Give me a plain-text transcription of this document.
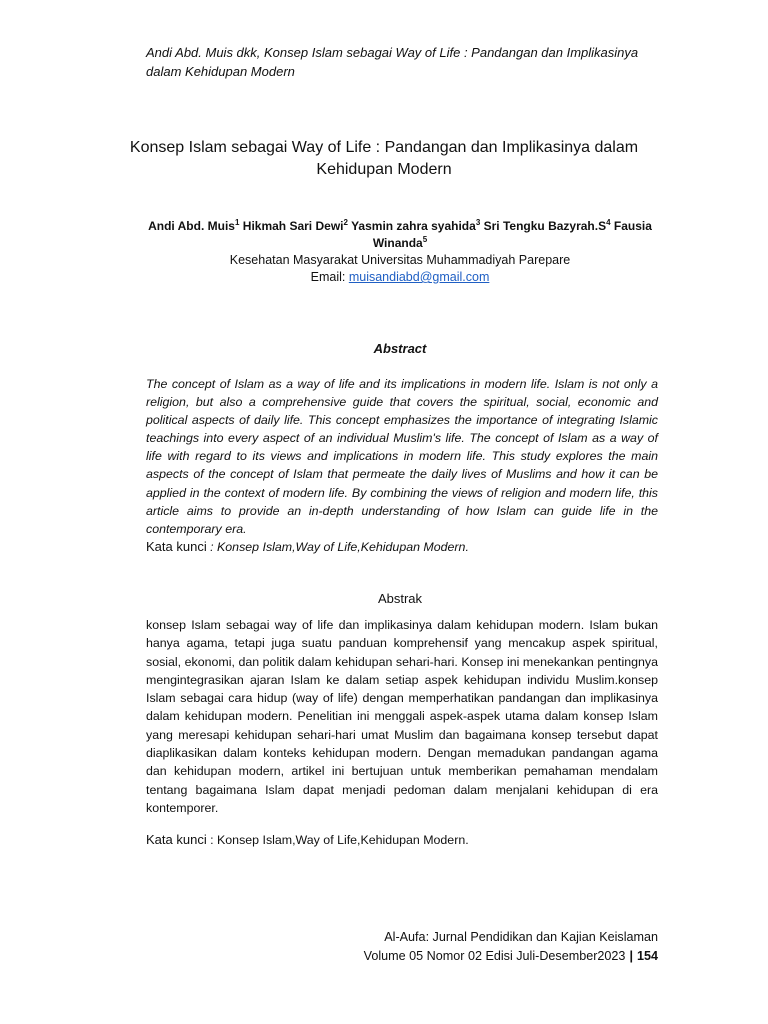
Andi Abd. Muis dkk, Konsep Islam sebagai Way of Life : Pandangan dan Implikasinya dalam Kehidupan Modern
Konsep Islam sebagai Way of Life : Pandangan dan Implikasinya dalam
Kehidupan Modern
Andi Abd. Muis$^1$ Hikmah Sari Dewi$^2$ Yasmin zahra syahida$^3$ Sri Tengku $Bazyrah.S^4$ Fausia Winanda$^5$
Kesehatan Masyarakat Universitas Muhammadiyah Parepare
Email: muisandiabd@gmail.com
Abstract
The concept of Islam as a way of life and its implications in modern life. Islam is not only a religion, but also a comprehensive guide that covers the spiritual, social, economic and political aspects of daily life. This concept emphasizes the importance of integrating Islamic teachings into every aspect of an individual Muslim's life. The concept of Islam as a way of life with regard to its views and implications in modern life. This study explores the main aspects of the concept of Islam that permeate the daily lives of Muslims and how it can be applied in the context of modern life. By combining the views of religion and modern life, this article aims to provide an in-depth understanding of how Islam can guide life in the contemporary era.
Kata kunci : Konsep Islam,Way of Life,Kehidupan Modern.
Abstrak
konsep Islam sebagai way of life dan implikasinya dalam kehidupan modern. Islam bukan hanya agama, tetapi juga suatu panduan komprehensif yang mencakup aspek spiritual, sosial, ekonomi, dan politik dalam kehidupan sehari-hari. Konsep ini menekankan pentingnya mengintegrasikan ajaran Islam ke dalam setiap aspek kehidupan individu Muslim.konsep Islam sebagai cara hidup (way of life) dengan memperhatikan pandangan dan implikasinya dalam kehidupan modern. Penelitian ini menggali aspek-aspek utama dalam konsep Islam yang meresapi kehidupan sehari-hari umat Muslim dan bagaimana konsep tersebut dapat diaplikasikan dalam konteks kehidupan modern. Dengan memadukan pandangan agama dan kehidupan modern, artikel ini bertujuan untuk memberikan pemahaman mendalam tentang bagaimana Islam dapat menjadi pedoman dalam menjalani kehidupan di era kontemporer.
Kata kunci : Konsep Islam,Way of Life,Kehidupan Modern.
Al-Aufa: Jurnal Pendidikan dan Kajian Keislaman
Volume 05 Nomor 02 Edisi Juli-Desember2023 | 154
